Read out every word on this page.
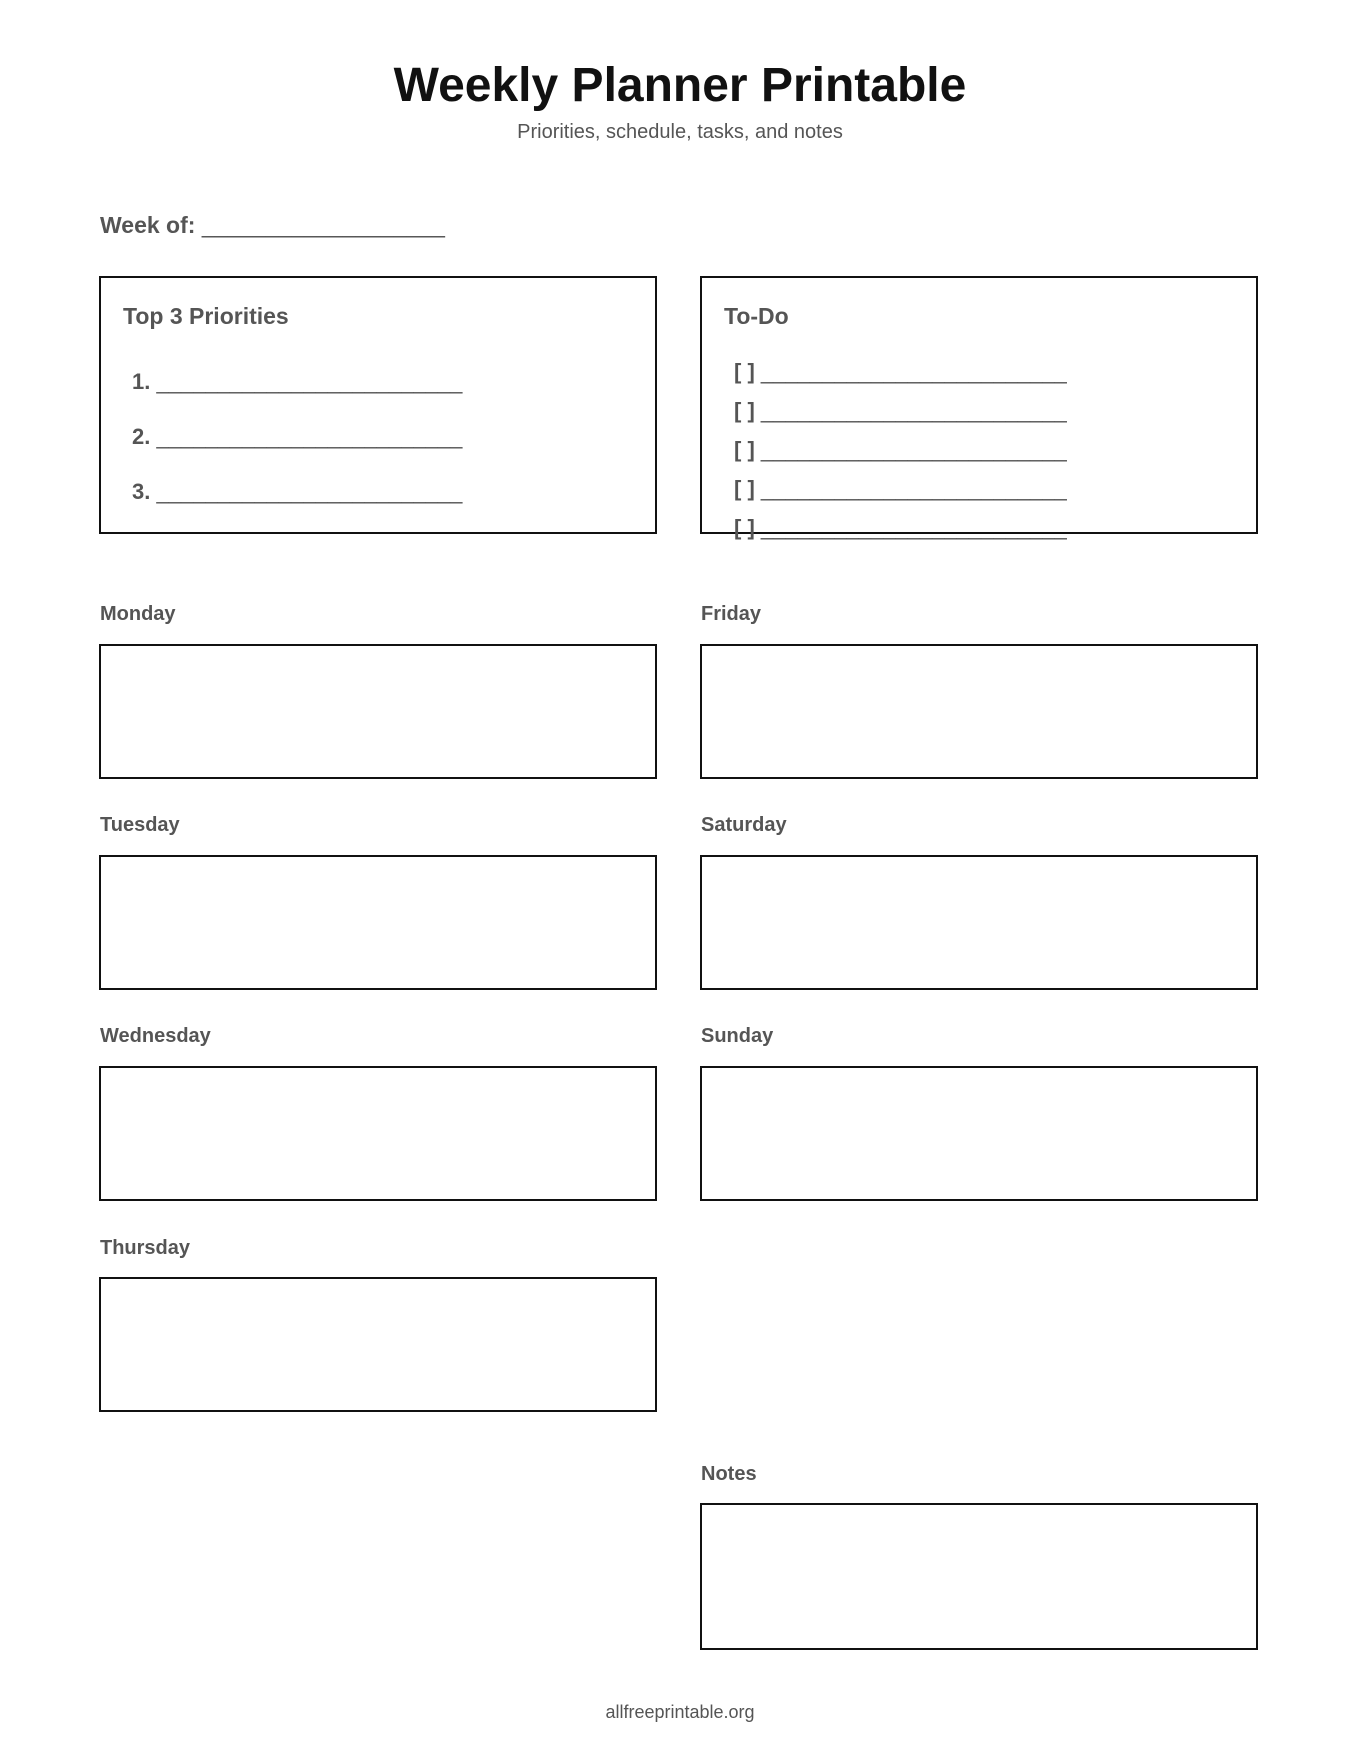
Weekly Planner Printable
Priorities, schedule, tasks, and notes
Week of: ___________________
Top 3 Priorities
1. _________________________
2. _________________________
3. _________________________
To-Do
[ ] _________________________
[ ] _________________________
[ ] _________________________
[ ] _________________________
[ ] _________________________
Monday
Tuesday
Wednesday
Thursday
Friday
Saturday
Sunday
Notes
allfreeprintable.org
